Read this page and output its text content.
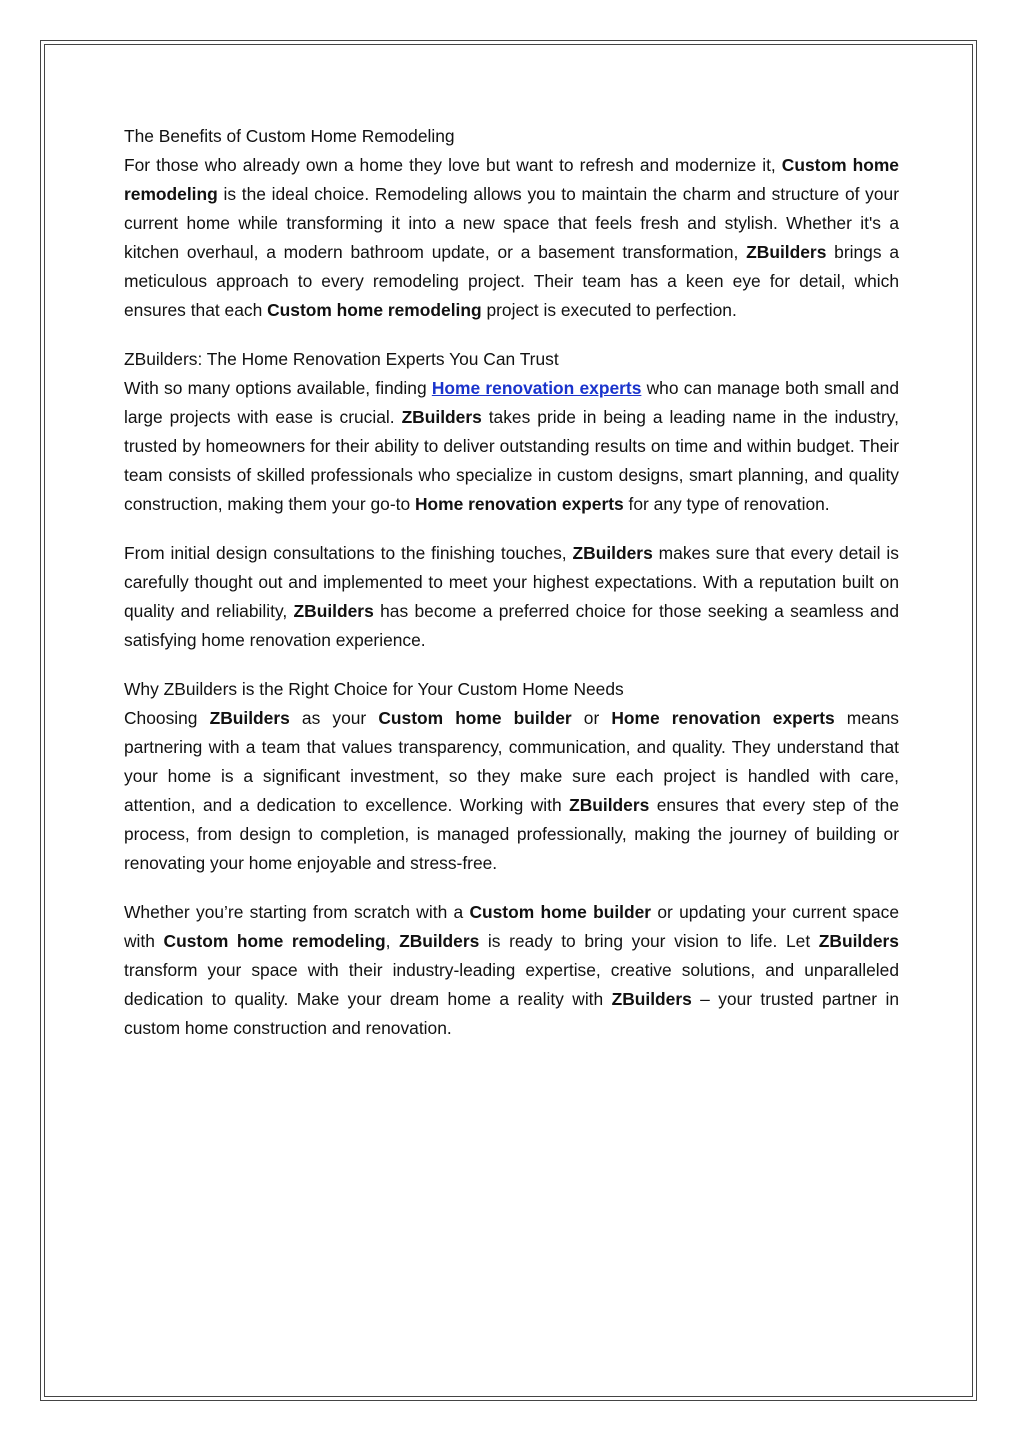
The Benefits of Custom Home Remodeling
For those who already own a home they love but want to refresh and modernize it, Custom home remodeling is the ideal choice. Remodeling allows you to maintain the charm and structure of your current home while transforming it into a new space that feels fresh and stylish. Whether it's a kitchen overhaul, a modern bathroom update, or a basement transformation, ZBuilders brings a meticulous approach to every remodeling project. Their team has a keen eye for detail, which ensures that each Custom home remodeling project is executed to perfection.
ZBuilders: The Home Renovation Experts You Can Trust
With so many options available, finding Home renovation experts who can manage both small and large projects with ease is crucial. ZBuilders takes pride in being a leading name in the industry, trusted by homeowners for their ability to deliver outstanding results on time and within budget. Their team consists of skilled professionals who specialize in custom designs, smart planning, and quality construction, making them your go-to Home renovation experts for any type of renovation.
From initial design consultations to the finishing touches, ZBuilders makes sure that every detail is carefully thought out and implemented to meet your highest expectations. With a reputation built on quality and reliability, ZBuilders has become a preferred choice for those seeking a seamless and satisfying home renovation experience.
Why ZBuilders is the Right Choice for Your Custom Home Needs
Choosing ZBuilders as your Custom home builder or Home renovation experts means partnering with a team that values transparency, communication, and quality. They understand that your home is a significant investment, so they make sure each project is handled with care, attention, and a dedication to excellence. Working with ZBuilders ensures that every step of the process, from design to completion, is managed professionally, making the journey of building or renovating your home enjoyable and stress-free.
Whether you’re starting from scratch with a Custom home builder or updating your current space with Custom home remodeling, ZBuilders is ready to bring your vision to life. Let ZBuilders transform your space with their industry-leading expertise, creative solutions, and unparalleled dedication to quality. Make your dream home a reality with ZBuilders – your trusted partner in custom home construction and renovation.
